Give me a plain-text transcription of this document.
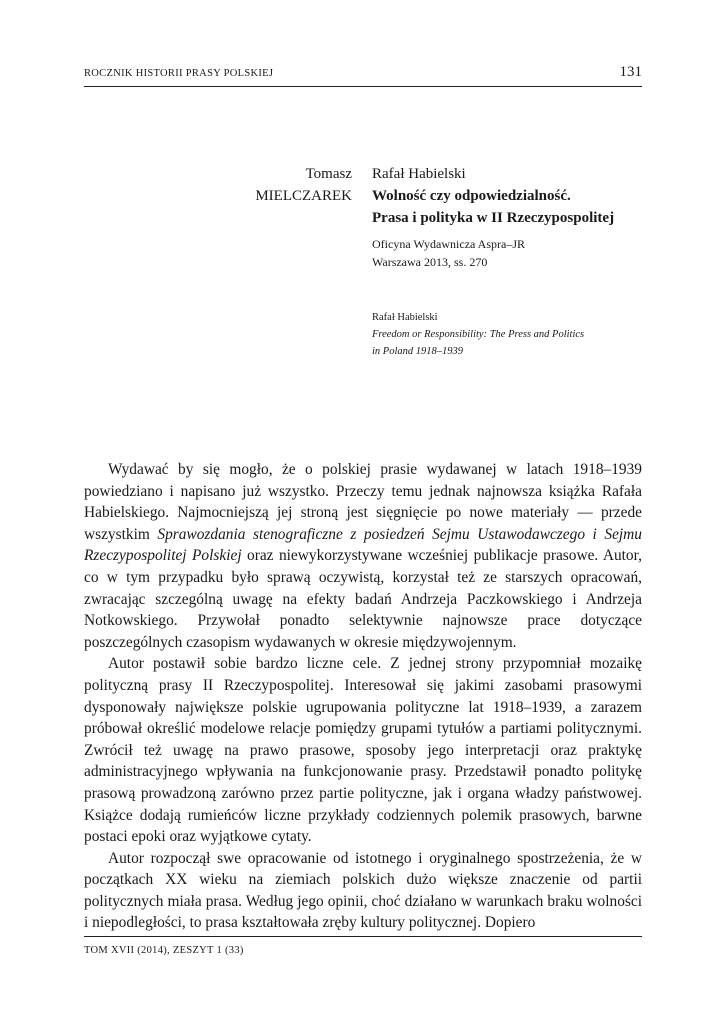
ROCZNIK HISTORII PRASY POLSKIEJ	131
Tomasz
MIELCZAREK
Rafał Habielski
Wolność czy odpowiedzialność.
Prasa i polityka w II Rzeczypospolitej
Oficyna Wydawnicza Aspra–JR
Warszawa 2013, ss. 270
Rafał Habielski
Freedom or Responsibility: The Press and Politics
in Poland 1918–1939

Wydawać by się mogło, że o polskiej prasie wydawanej w latach 1918–1939 powiedziano i napisano już wszystko. Przeczy temu jednak najnowsza książka Rafała Habielskiego. Najmocniejszą jej stroną jest sięgnięcie po nowe materiały — przede wszystkim Sprawozdania stenograficzne z posiedzeń Sejmu Ustawodawczego i Sejmu Rzeczypospolitej Polskiej oraz niewykorzystywane wcześniej publikacje prasowe. Autor, co w tym przypadku było sprawą oczywistą, korzystał też ze starszych opracowań, zwracając szczególną uwagę na efekty badań Andrzeja Paczkowskiego i Andrzeja Notkowskiego. Przywołał ponadto selektywnie najnowsze prace dotyczące poszczególnych czasopism wydawanych w okresie międzywojennym.

Autor postawił sobie bardzo liczne cele. Z jednej strony przypomniał mozaikę polityczną prasy II Rzeczypospolitej. Interesował się jakimi zasobami prasowymi dysponowały największe polskie ugrupowania polityczne lat 1918–1939, a zarazem próbował określić modelowe relacje pomiędzy grupami tytułów a partiami politycznymi. Zwrócił też uwagę na prawo prasowe, sposoby jego interpretacji oraz praktykę administracyjnego wpływania na funkcjonowanie prasy. Przedstawił ponadto politykę prasową prowadzoną zarówno przez partie polityczne, jak i organa władzy państwowej. Książce dodają rumieńców liczne przykłady codziennych polemik prasowych, barwne postaci epoki oraz wyjątkowe cytaty.

Autor rozpoczął swe opracowanie od istotnego i oryginalnego spostrzeżenia, że w początkach XX wieku na ziemiach polskich dużo większe znaczenie od partii politycznych miała prasa. Według jego opinii, choć działano w warunkach braku wolności i niepodległości, to prasa kształtowała zręby kultury politycznej. Dopiero

TOM XVII (2014), ZESZYT 1 (33)
